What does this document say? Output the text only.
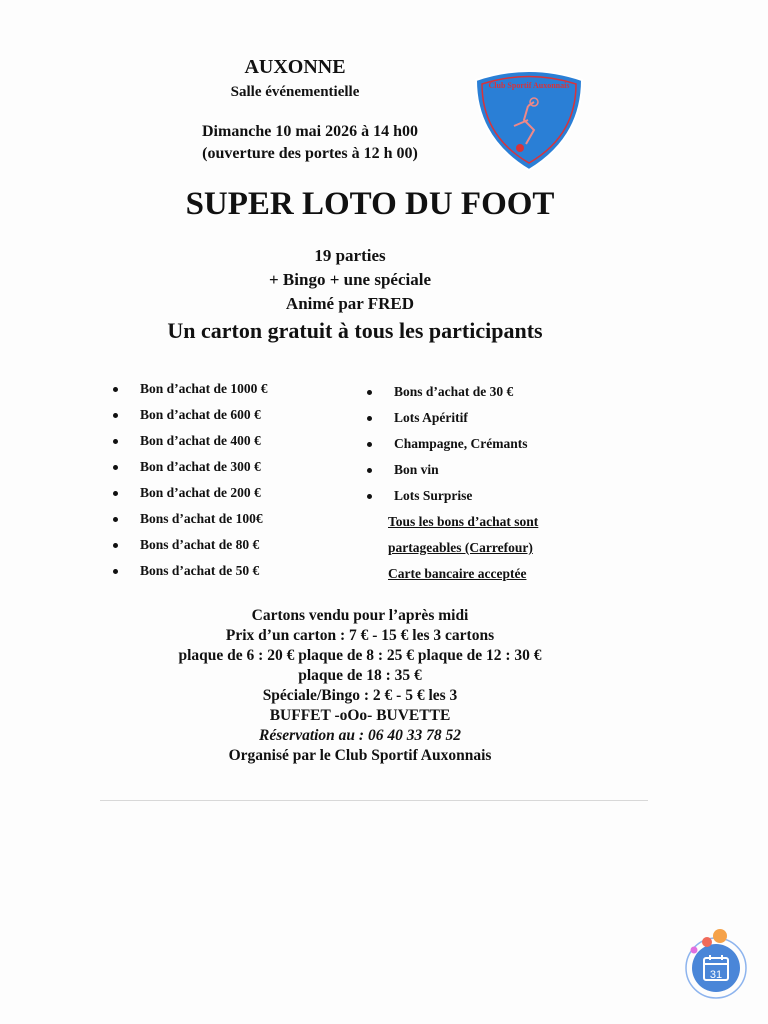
AUXONNE
Salle événementielle
Dimanche 10 mai 2026 à 14 h00
(ouverture des portes à 12 h 00)
Club Sportif Auxonnais
SUPER LOTO DU FOOT
19 parties
+ Bingo + une spéciale
Animé par FRED
Un carton gratuit à tous les participants
Bon d’achat de 1000 €
Bon d’achat de 600 €
Bon d’achat de 400 €
Bon d’achat de 300 €
Bon d’achat de 200 €
Bons d’achat de 100€
Bons d’achat de 80 €
Bons d’achat de 50 €
Bons d’achat de 30 €
Lots Apéritif
Champagne, Crémants
Bon vin
Lots Surprise
Tous les bons d’achat sont
partageables (Carrefour)
Carte bancaire acceptée
Cartons vendu pour l’après midi
Prix d’un carton : 7 € - 15 € les 3 cartons
plaque de 6 : 20 € plaque de 8 : 25 € plaque de 12 : 30 €
plaque de 18 : 35 €
Spéciale/Bingo : 2 € - 5 € les 3
BUFFET -oOo- BUVETTE
Réservation au : 06 40 33 78 52
Organisé par le Club Sportif Auxonnais
31
